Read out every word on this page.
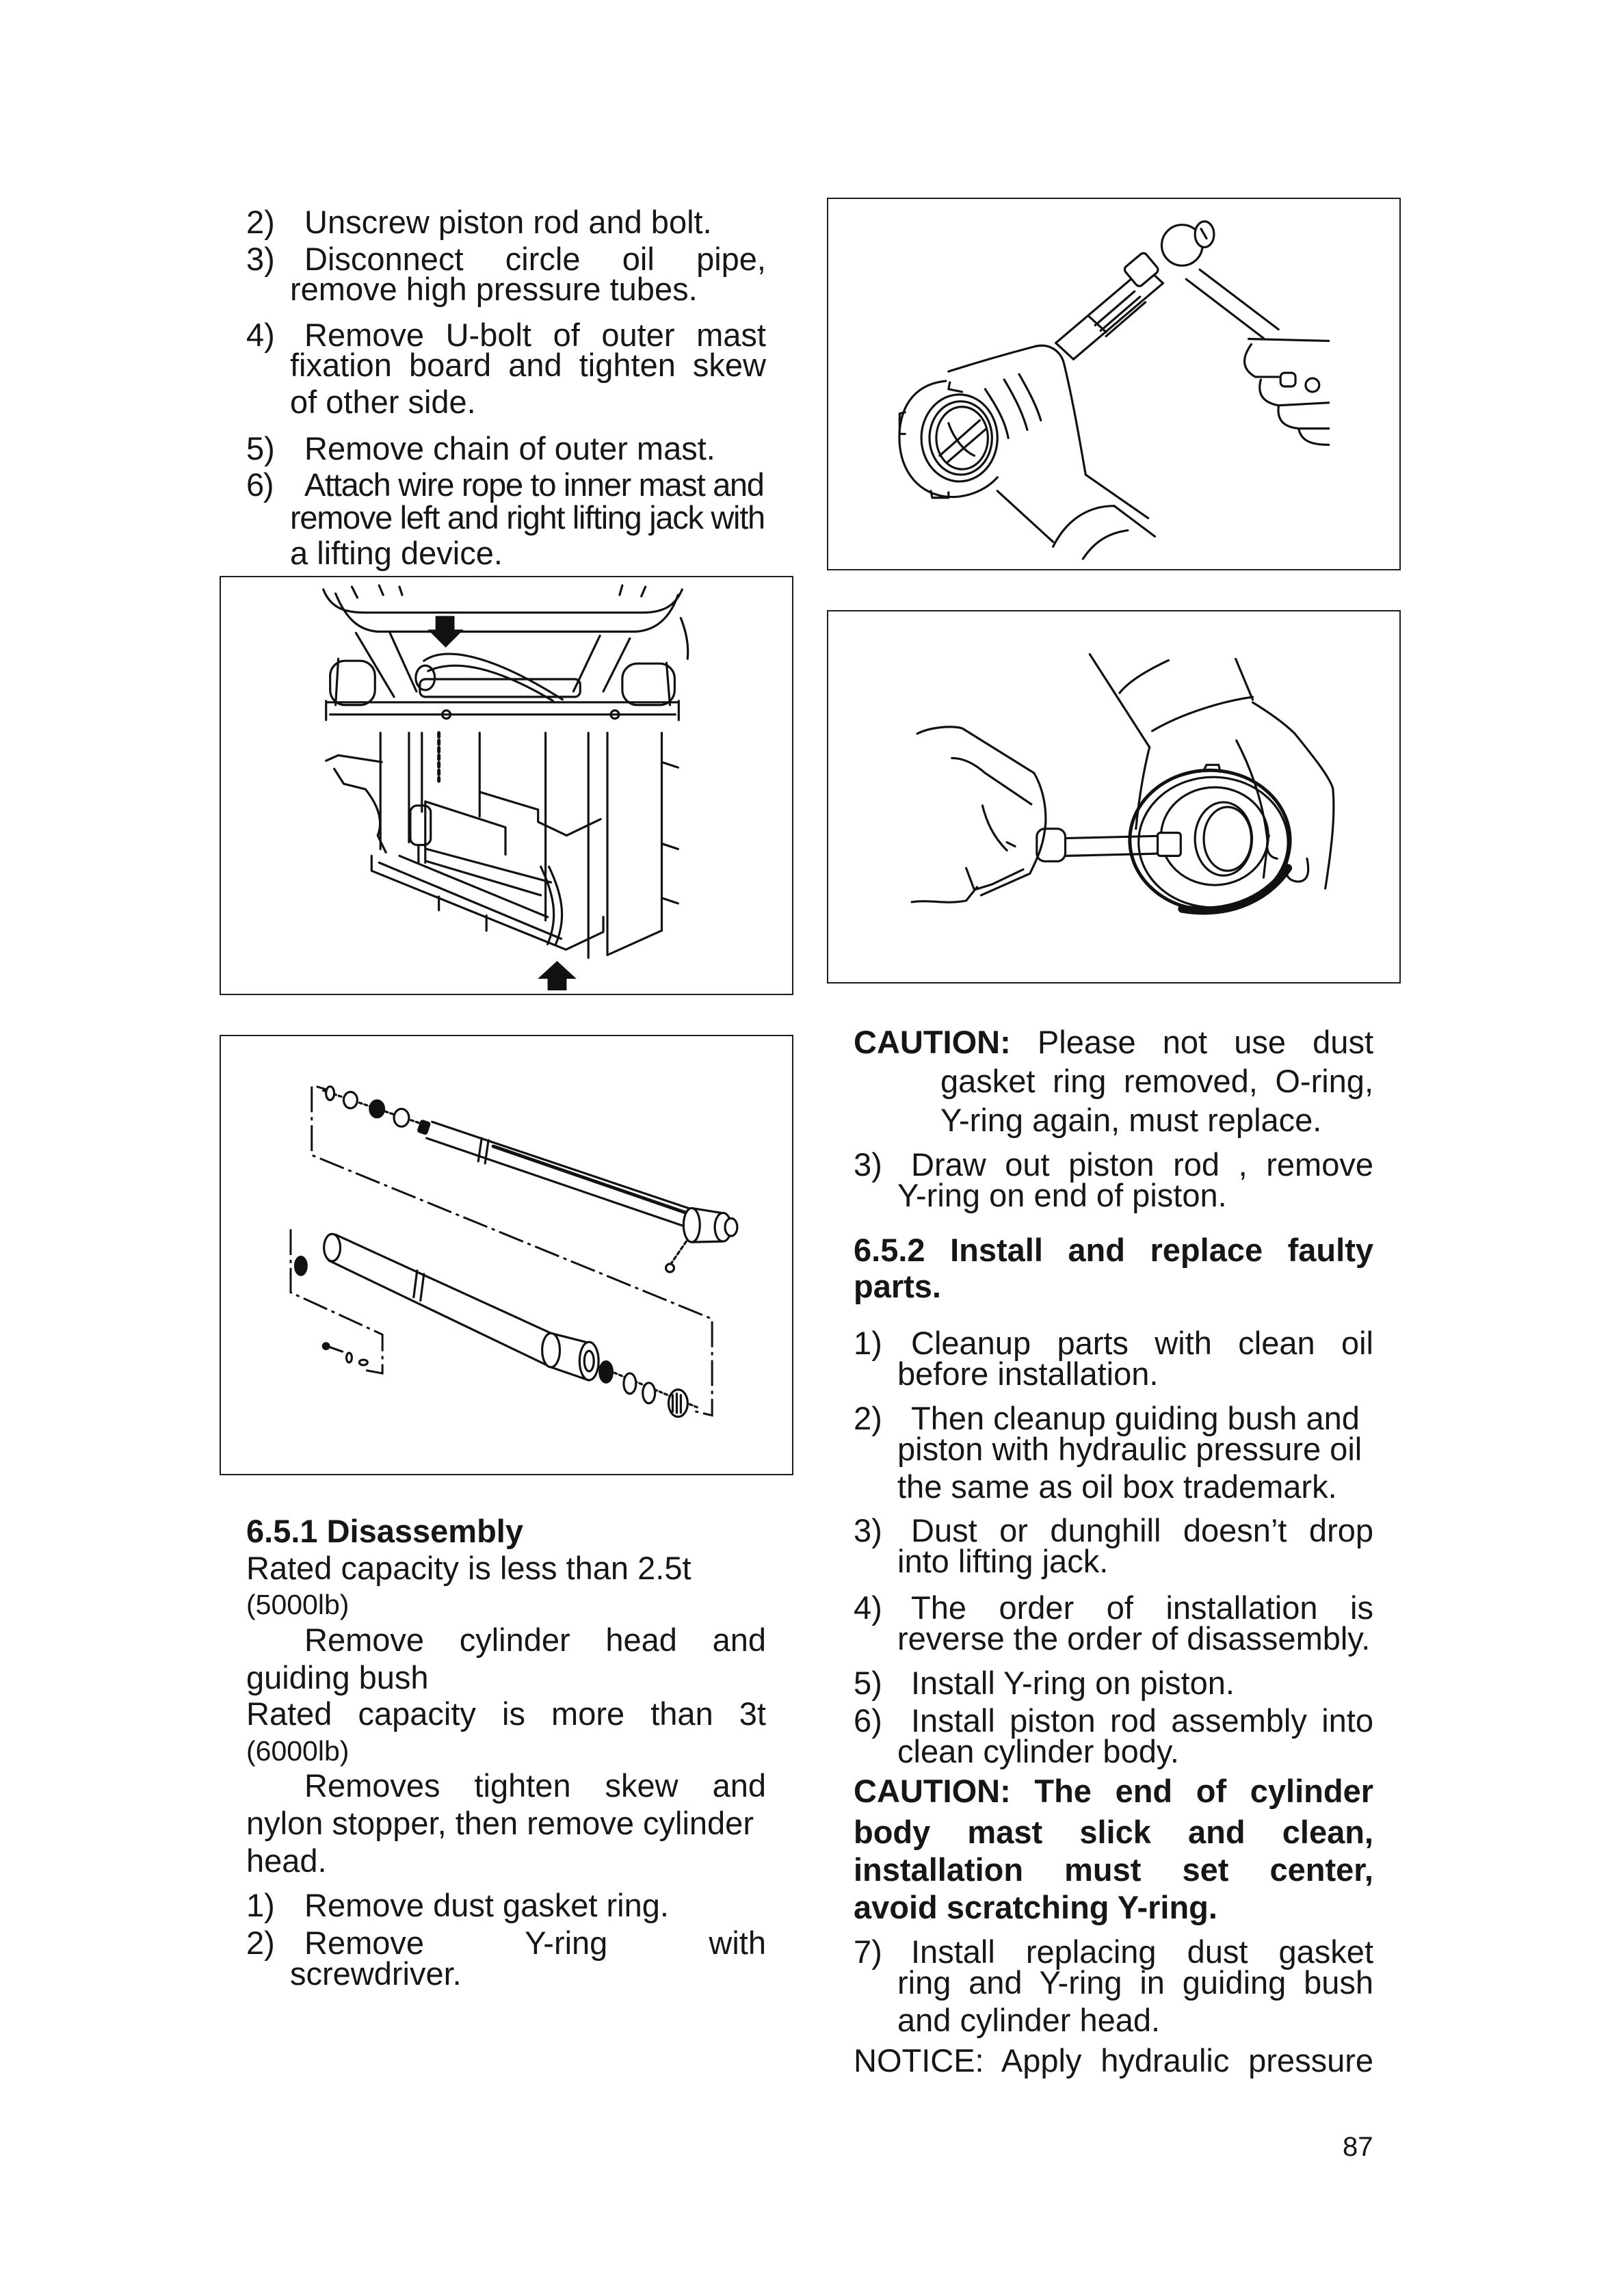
2) Unscrew piston rod and bolt.
3) Disconnect circle oil pipe,
remove high pressure tubes.
4) Remove U-bolt of outer mast
fixation board and tighten skew
of other side.
5) Remove chain of outer mast.
6) Attach wire rope to inner mast and
remove left and right lifting jack with
a lifting device.
6.5.1 Disassembly
Rated capacity is less than 2.5t
(5000lb)
Remove cylinder head and
guiding bush
Rated capacity is more than 3t
(6000lb)
Removes tighten skew and
nylon stopper, then remove cylinder
head.
1) Remove dust gasket ring.
2) Remove Y-ring with
screwdriver.
CAUTION: Please not use dust
gasket ring removed, O-ring,
Y-ring again, must replace.
3) Draw out piston rod , remove
Y-ring on end of piston.
6.5.2 Install and replace faulty
parts.
1) Cleanup parts with clean oil
before installation.
2) Then cleanup guiding bush and
piston with hydraulic pressure oil
the same as oil box trademark.
3) Dust or dunghill doesn’t drop
into lifting jack.
4) The order of installation is
reverse the order of disassembly.
5) Install Y-ring on piston.
6) Install piston rod assembly into
clean cylinder body.
CAUTION: The end of cylinder
body mast slick and clean,
installation must set center,
avoid scratching Y-ring.
7) Install replacing dust gasket
ring and Y-ring in guiding bush
and cylinder head.
NOTICE: Apply hydraulic pressure
87
